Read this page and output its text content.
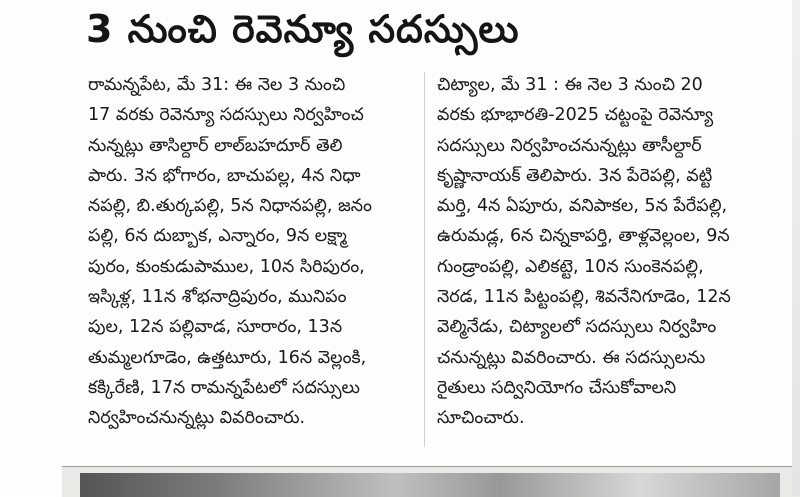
3 నుంచి రెవెన్యూ సదస్సులు
రామన్నపేట, మే 31: ఈ నెల 3 నుంచి
17 వరకు రెవెన్యూ సదస్సులు నిర్వహించ
నున్నట్లు తాసిల్దార్ లాల్‌బహదూర్ తెలి
పారు. 3న భోగారం, బాచుపల్ల, 4న నిధా
నపల్లి, బి.తుర్కపల్లి, 5న నిధానపల్లి, జనం
పల్లి, 6న దుబ్బాక, ఎన్నారం, 9న లక్ష్మా
పురం, కుంకుడుపాముల, 10న సిరిపురం,
ఇస్కిళ్ల, 11న శోభనాద్రిపురం, మునిపం
పుల, 12న పల్లివాడ, సూరారం, 13న
తుమ్మలగూడెం, ఉత్తటూరు, 16న వెల్లంకి,
కక్కిరేణి, 17న రామన్నపేటలో సదస్సులు
నిర్వహించనున్నట్లు వివరించారు.
చిట్యాల, మే 31 : ఈ నెల 3 నుంచి 20
వరకు భూభారతి-2025 చట్టంపై రెవెన్యూ
సదస్సులు నిర్వహించనున్నట్లు తాసీల్దార్
కృష్ణానాయక్ తెలిపారు. 3న పేరెపల్లి, వట్టి
మర్తి, 4న ఏపూరు, వనిపాకల, 5న పేరేపల్లి,
ఉరుమడ్ల, 6న చిన్నకాపర్తి, తాళ్లవెల్లంల, 9న
గుండ్రాంపల్లి, ఎలికట్టె, 10న సుంకెనపల్లి,
నెరడ, 11న పిట్టంపల్లి, శివనేనిగూడెం, 12న
వెల్మినేడు, చిట్యాలలో సదస్సులు నిర్వహిం
చనున్నట్లు వివరించారు. ఈ సదస్సులను
రైతులు సద్వినియోగం చేసుకోవాలని
సూచించారు.
